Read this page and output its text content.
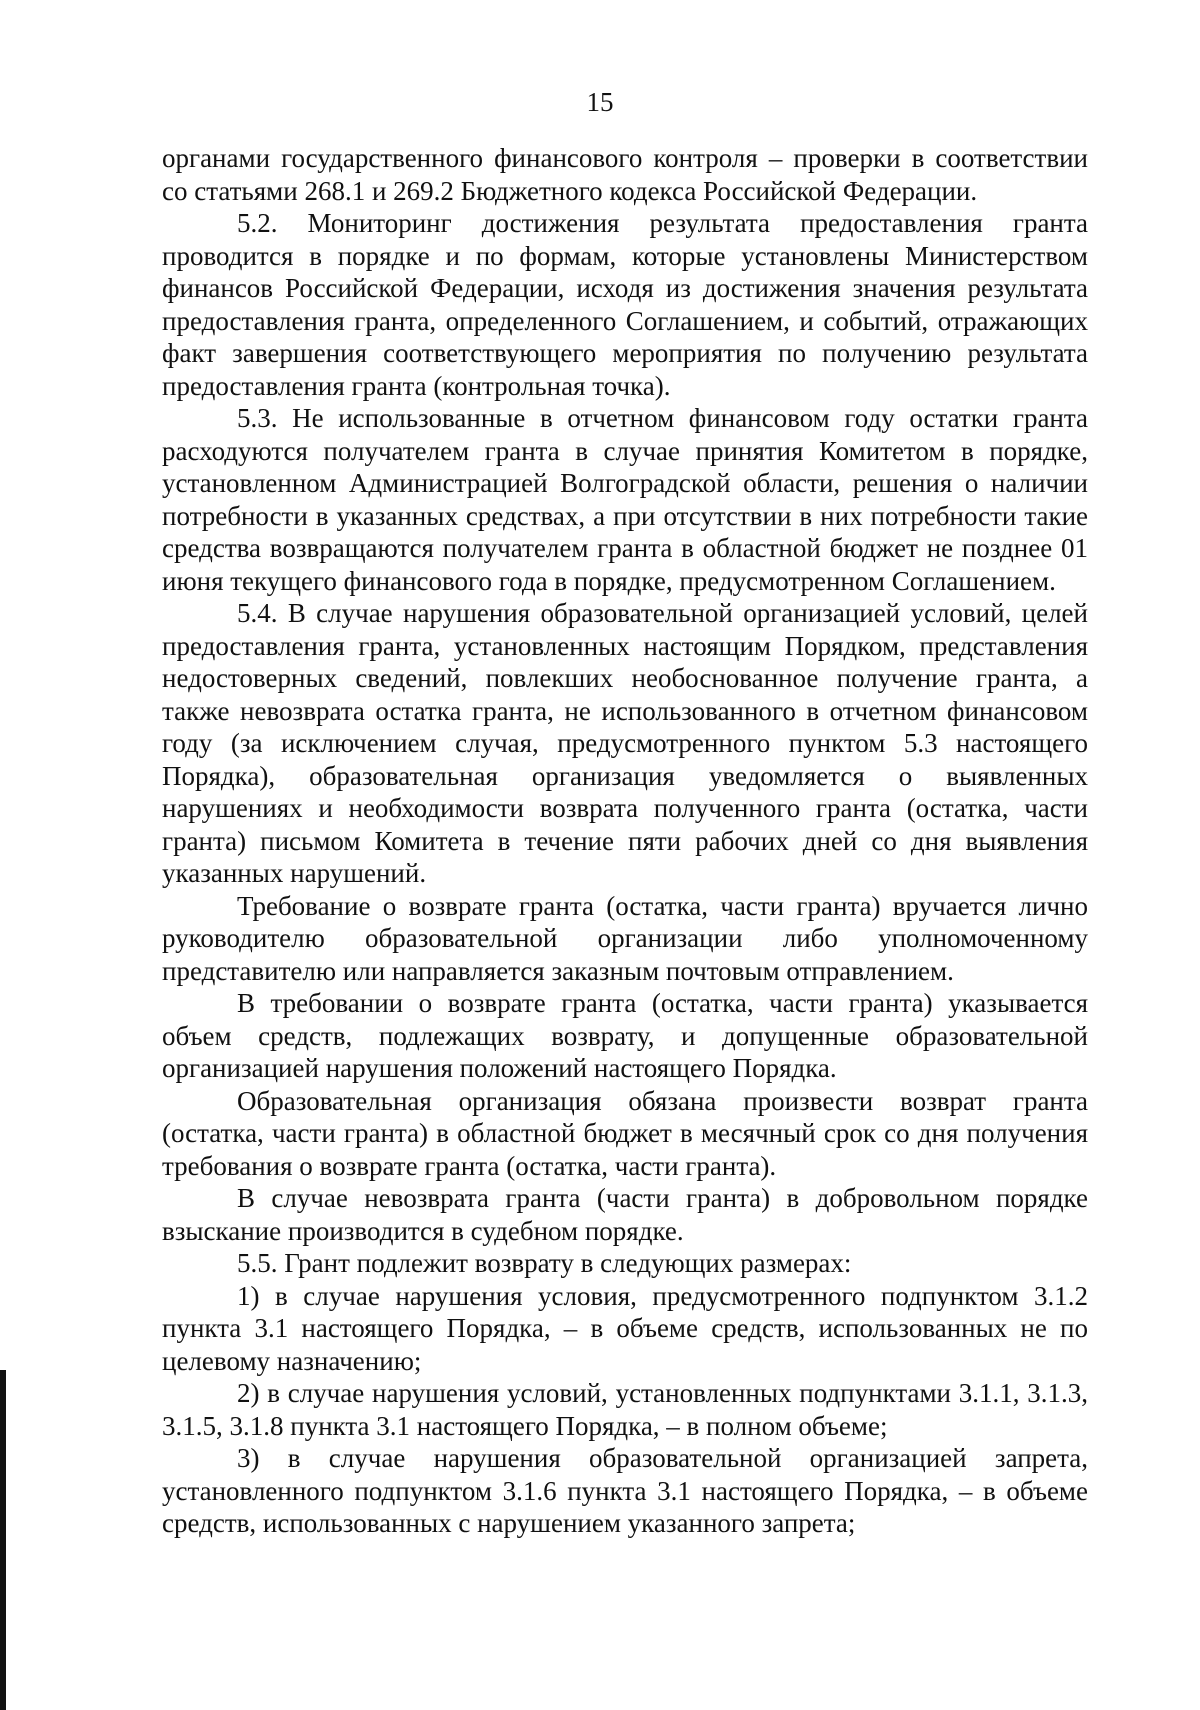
15

органами государственного финансового контроля – проверки в соответствии со статьями 268.1 и 269.2 Бюджетного кодекса Российской Федерации.

5.2. Мониторинг достижения результата предоставления гранта проводится в порядке и по формам, которые установлены Министерством финансов Российской Федерации, исходя из достижения значения результата предоставления гранта, определенного Соглашением, и событий, отражающих факт завершения соответствующего мероприятия по получению результата предоставления гранта (контрольная точка).

5.3. Не использованные в отчетном финансовом году остатки гранта расходуются получателем гранта в случае принятия Комитетом в порядке, установленном Администрацией Волгоградской области, решения о наличии потребности в указанных средствах, а при отсутствии в них потребности такие средства возвращаются получателем гранта в областной бюджет не позднее 01 июня текущего финансового года в порядке, предусмотренном Соглашением.

5.4. В случае нарушения образовательной организацией условий, целей предоставления гранта, установленных настоящим Порядком, представления недостоверных сведений, повлекших необоснованное получение гранта, а также невозврата остатка гранта, не использованного в отчетном финансовом году (за исключением случая, предусмотренного пунктом 5.3 настоящего Порядка), образовательная организация уведомляется о выявленных нарушениях и необходимости возврата полученного гранта (остатка, части гранта) письмом Комитета в течение пяти рабочих дней со дня выявления указанных нарушений.

Требование о возврате гранта (остатка, части гранта) вручается лично руководителю образовательной организации либо уполномоченному представителю или направляется заказным почтовым отправлением.

В требовании о возврате гранта (остатка, части гранта) указывается объем средств, подлежащих возврату, и допущенные образовательной организацией нарушения положений настоящего Порядка.

Образовательная организация обязана произвести возврат гранта (остатка, части гранта) в областной бюджет в месячный срок со дня получения требования о возврате гранта (остатка, части гранта).

В случае невозврата гранта (части гранта) в добровольном порядке взыскание производится в судебном порядке.

5.5. Грант подлежит возврату в следующих размерах:

1) в случае нарушения условия, предусмотренного подпунктом 3.1.2 пункта 3.1 настоящего Порядка, – в объеме средств, использованных не по целевому назначению;

2) в случае нарушения условий, установленных подпунктами 3.1.1, 3.1.3, 3.1.5, 3.1.8 пункта 3.1 настоящего Порядка, – в полном объеме;

3) в случае нарушения образовательной организацией запрета, установленного подпунктом 3.1.6 пункта 3.1 настоящего Порядка, – в объеме средств, использованных с нарушением указанного запрета;
